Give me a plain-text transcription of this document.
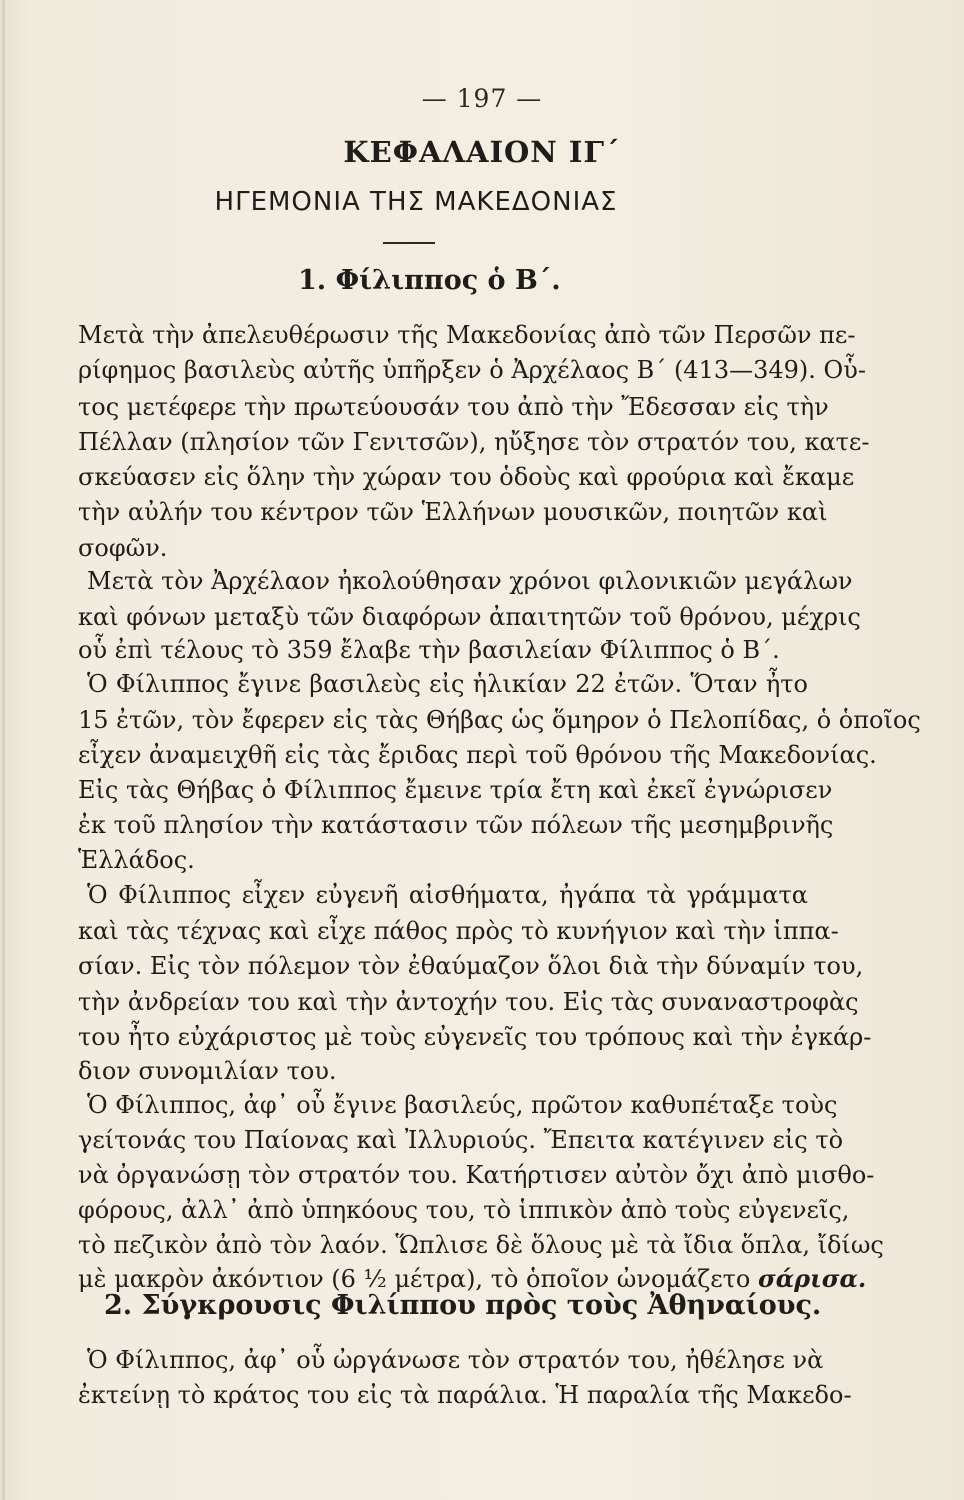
— 197 —
ΚΕΦΑΛΑΙΟΝ ΙΓ΄
ΗΓΕΜΟΝΙΑ ΤΗΣ ΜΑΚΕΔΟΝΙΑΣ
1. Φίλιππος ὁ Β΄.
Μετὰ τὴν ἀπελευθέρωσιν τῆς Μακεδονίας ἀπὸ τῶν Περσῶν πε-
ρίφημος βασιλεὺς αὐτῆς ὑπῆρξεν ὁ Ἀρχέλαος Β΄ (413—349). Οὗ-
τος μετέφερε τὴν πρωτεύουσάν του ἀπὸ τὴν Ἔδεσσαν εἰς τὴν
Πέλλαν (πλησίον τῶν Γενιτσῶν), ηὔξησε τὸν στρατόν του, κατε-
σκεύασεν εἰς ὅλην τὴν χώραν του ὁδοὺς καὶ φρούρια καὶ ἔκαμε
τὴν αὐλήν του κέντρον τῶν Ἑλλήνων μουσικῶν, ποιητῶν καὶ
σοφῶν.
Μετὰ τὸν Ἀρχέλαον ἠκολούθησαν χρόνοι φιλονικιῶν μεγάλων
καὶ φόνων μεταξὺ τῶν διαφόρων ἀπαιτητῶν τοῦ θρόνου, μέχρις
οὗ ἐπὶ τέλους τὸ 359 ἔλαβε τὴν βασιλείαν Φίλιππος ὁ Β΄.
Ὁ Φίλιππος ἔγινε βασιλεὺς εἰς ἡλικίαν 22 ἐτῶν. Ὅταν ἦτο
15 ἐτῶν, τὸν ἔφερεν εἰς τὰς Θήβας ὡς ὅμηρον ὁ Πελοπίδας, ὁ ὁποῖος
εἶχεν ἀναμειχθῆ εἰς τὰς ἔριδας περὶ τοῦ θρόνου τῆς Μακεδονίας.
Εἰς τὰς Θήβας ὁ Φίλιππος ἔμεινε τρία ἔτη καὶ ἐκεῖ ἐγνώρισεν
ἐκ τοῦ πλησίον τὴν κατάστασιν τῶν πόλεων τῆς μεσημβρινῆς
Ἑλλάδος.
Ὁ Φίλιππος εἶχεν εὐγενῆ αἰσθήματα, ἠγάπα τὰ γράμματα
καὶ τὰς τέχνας καὶ εἶχε πάθος πρὸς τὸ κυνήγιον καὶ τὴν ἱππα-
σίαν. Εἰς τὸν πόλεμον τὸν ἐθαύμαζον ὅλοι διὰ τὴν δύναμίν του,
τὴν ἀνδρείαν του καὶ τὴν ἀντοχήν του. Εἰς τὰς συναναστροφὰς
του ἦτο εὐχάριστος μὲ τοὺς εὐγενεῖς του τρόπους καὶ τὴν ἐγκάρ-
διον συνομιλίαν του.
Ὁ Φίλιππος, ἀφ᾽ οὗ ἔγινε βασιλεύς, πρῶτον καθυπέταξε τοὺς
γείτονάς του Παίονας καὶ Ἰλλυριούς. Ἔπειτα κατέγινεν εἰς τὸ
νὰ ὀργανώσῃ τὸν στρατόν του. Κατήρτισεν αὐτὸν ὄχι ἀπὸ μισθο-
φόρους, ἀλλ᾽ ἀπὸ ὑπηκόους του, τὸ ἱππικὸν ἀπὸ τοὺς εὐγενεῖς,
τὸ πεζικὸν ἀπὸ τὸν λαόν. Ὥπλισε δὲ ὅλους μὲ τὰ ἴδια ὅπλα, ἴδίως
μὲ μακρὸν ἀκόντιον (6 ½ μέτρα), τὸ ὁποῖον ὠνομάζετο σάρισα.
2. Σύγκρουσις Φιλίππου πρὸς τοὺς Ἀθηναίους.
Ὁ Φίλιππος, ἀφ᾽ οὗ ὠργάνωσε τὸν στρατόν του, ἠθέλησε νὰ
ἐκτείνῃ τὸ κράτος του εἰς τὰ παράλια. Ἡ παραλία τῆς Μακεδο-
